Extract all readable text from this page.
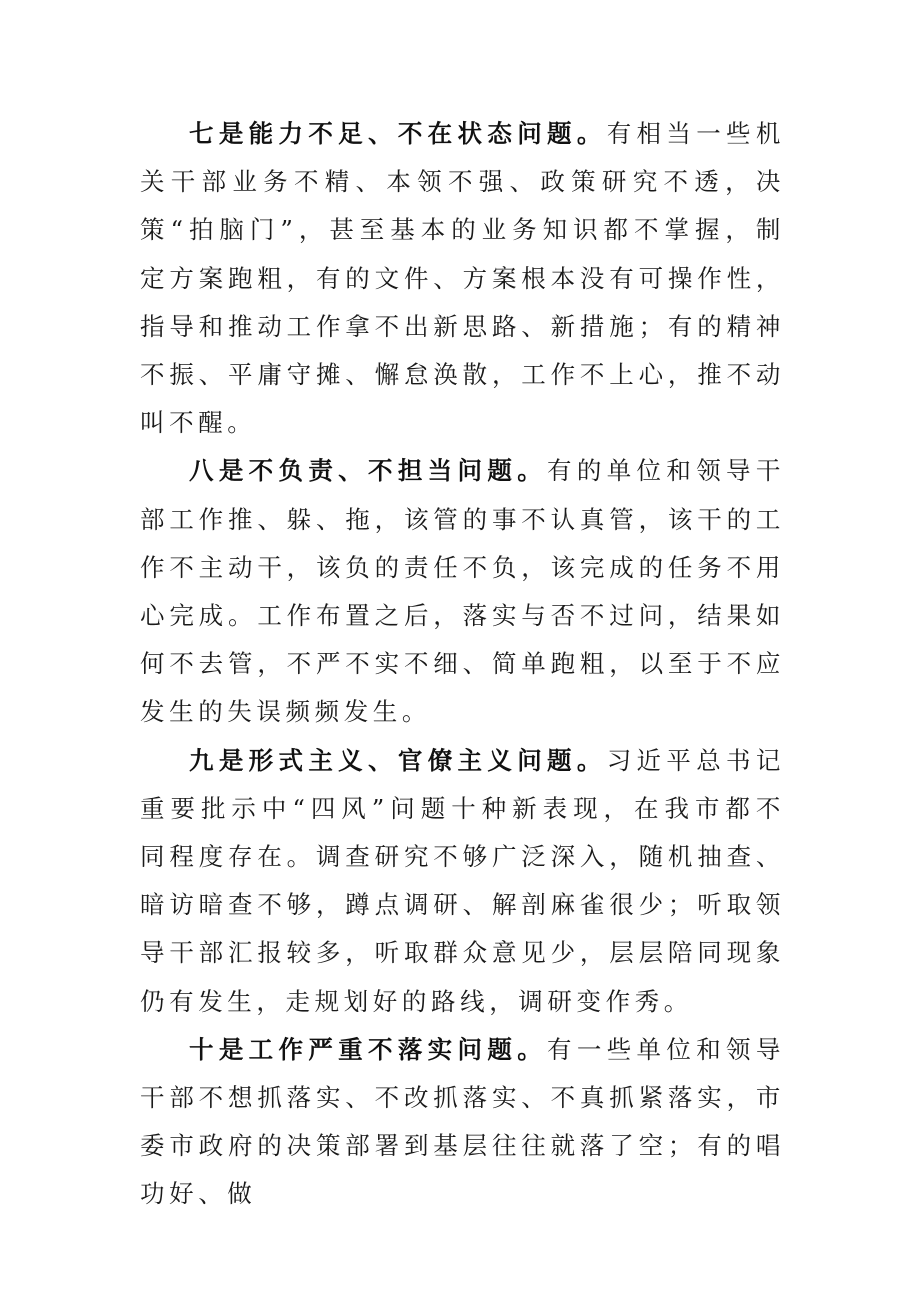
七是能力不足、不在状态问题。有相当一些机关干部业务不精、本领不强、政策研究不透，决策“拍脑门”，甚至基本的业务知识都不掌握，制定方案跑粗，有的文件、方案根本没有可操作性，指导和推动工作拿不出新思路、新措施；有的精神不振、平庸守摊、懈怠涣散，工作不上心，推不动叫不醒。

八是不负责、不担当问题。有的单位和领导干部工作推、躲、拖，该管的事不认真管，该干的工作不主动干，该负的责任不负，该完成的任务不用心完成。工作布置之后，落实与否不过问，结果如何不去管，不严不实不细、简单跑粗，以至于不应发生的失误频频发生。

九是形式主义、官僚主义问题。习近平总书记重要批示中“四风”问题十种新表现，在我市都不同程度存在。调查研究不够广泛深入，随机抽查、暗访暗查不够，蹲点调研、解剖麻雀很少；听取领导干部汇报较多，听取群众意见少，层层陪同现象仍有发生，走规划好的路线，调研变作秀。

十是工作严重不落实问题。有一些单位和领导干部不想抓落实、不改抓落实、不真抓紧落实，市委市政府的决策部署到基层往往就落了空；有的唱功好、做
